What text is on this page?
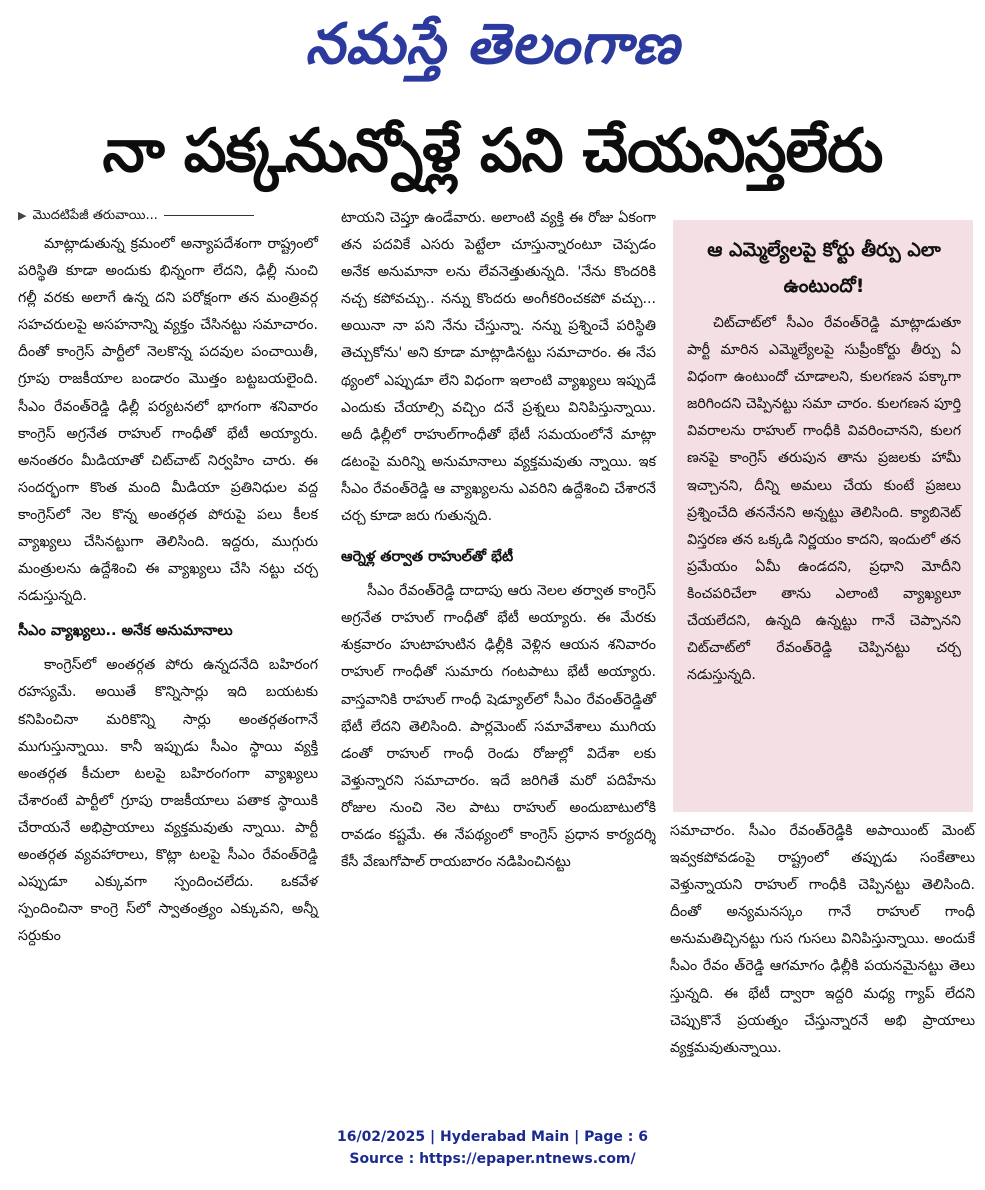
నమస్తే తెలంగాణ
నా పక్కనున్నోళ్లే పని చేయనిస్తలేరు
▶ మొదటిపేజీ తరువాయి...

మాట్లాడుతున్న క్రమంలో అన్యాపదేశంగా రాష్ట్రంలో పరిస్థితి కూడా అందుకు భిన్నంగా లేదని, ఢిల్లీ నుంచి గల్లీ వరకు అలాగే ఉన్న దని పరోక్షంగా తన మంత్రివర్గ సహచరులపై అసహనాన్ని వ్యక్తం చేసినట్టు సమాచారం. దీంతో కాంగ్రెస్ పార్టీలో నెలకొన్న పదవుల పంచాయితీ, గ్రూపు రాజకీయాల బండారం మొత్తం బట్టబయలైంది. సీఎం రేవంత్‌రెడ్డి ఢిల్లీ పర్యటనలో భాగంగా శనివారం కాంగ్రెస్ అగ్రనేత రాహుల్ గాంధీతో భేటీ అయ్యారు. అనంతరం మీడియాతో చిట్‌చాట్ నిర్వహిం చారు. ఈ సందర్భంగా కొంత మంది మీడియా ప్రతినిధుల వద్ద కాంగ్రెస్‌లో నెల కొన్న అంతర్గత పోరుపై పలు కీలక వ్యాఖ్యలు చేసినట్టుగా తెలిసింది. ఇద్దరు, ముగ్గురు మంత్రులను ఉద్దేశించి ఈ వ్యాఖ్యలు చేసి నట్టు చర్చ నడుస్తున్నది.

సీఎం వ్యాఖ్యలు.. అనేక అనుమానాలు

కాంగ్రెస్‌లో అంతర్గత పోరు ఉన్నదనేది బహిరంగ రహస్యమే. అయితే కొన్నిసార్లు ఇది బయటకు కనిపించినా మరికొన్ని సార్లు అంతర్గతంగానే ముగుస్తున్నాయి. కానీ ఇప్పుడు సీఎం స్థాయి వ్యక్తి అంతర్గత కీచులా టలపై బహిరంగంగా వ్యాఖ్యలు చేశారంటే పార్టీలో గ్రూపు రాజకీయాలు పతాక స్థాయికి చేరాయనే అభిప్రాయాలు వ్యక్తమవుతు న్నాయి. పార్టీ అంతర్గత వ్యవహారాలు, కొట్లా టలపై సీఎం రేవంత్‌రెడ్డి ఎప్పుడూ ఎక్కువగా స్పందించలేదు. ఒకవేళ స్పందించినా కాంగ్రె స్‌లో స్వాతంత్ర్యం ఎక్కువని, అన్నీ సర్దుకుం

టాయని చెప్తూ ఉండేవారు. అలాంటి వ్యక్తి ఈ రోజు ఏకంగా తన పదవికే ఎసరు పెట్టేలా చూస్తున్నారంటూ చెప్పడం అనేక అనుమానా లను లేవనెత్తుతున్నది. 'నేను కొందరికి నచ్చ కపోవచ్చు.. నన్ను కొందరు అంగీకరించకపో వచ్చు... అయినా నా పని నేను చేస్తున్నా. నన్ను ప్రశ్నించే పరిస్థితి తెచ్చుకోను' అని కూడా మాట్లాడినట్టు సమాచారం. ఈ నేప థ్యంలో ఎప్పుడూ లేని విధంగా ఇలాంటి వ్యాఖ్యలు ఇప్పుడే ఎందుకు చేయాల్సి వచ్చిం దనే ప్రశ్నలు వినిపిస్తున్నాయి. అదీ ఢిల్లీలో రాహుల్‌గాంధీతో భేటీ సమయంలోనే మాట్లా డటంపై మరిన్ని అనుమానాలు వ్యక్తమవుతు న్నాయి. ఇక సీఎం రేవంత్‌రెడ్డి ఆ వ్యాఖ్యలను ఎవరిని ఉద్దేశించి చేశారనే చర్చ కూడా జరు గుతున్నది.

ఆర్నెళ్ల తర్వాత రాహుల్‌తో భేటీ

సీఎం రేవంత్‌రెడ్డి దాదాపు ఆరు నెలల తర్వాత కాంగ్రెస్ అగ్రనేత రాహుల్ గాంధీతో భేటీ అయ్యారు. ఈ మేరకు శుక్రవారం హుటాహుటిన ఢిల్లీకి వెళ్లిన ఆయన శనివారం రాహుల్ గాంధీతో సుమారు గంటపాటు భేటీ అయ్యారు. వాస్తవానికి రాహుల్ గాంధీ షెడ్యూల్‌లో సీఎం రేవంత్‌రెడ్డితో భేటీ లేదని తెలిసింది. పార్లమెంట్ సమావేశాలు ముగియ డంతో రాహుల్ గాంధీ రెండు రోజుల్లో విదేశా లకు వెళ్తున్నారని సమాచారం. ఇదే జరిగితే మరో పదిహేను రోజుల నుంచి నెల పాటు రాహుల్ అందుబాటులోకి రావడం కష్టమే. ఈ నేపథ్యంలో కాంగ్రెస్ ప్రధాన కార్యదర్శి కేసీ వేణుగోపాల్ రాయబారం నడిపించినట్టు

ఆ ఎమ్మెల్యేలపై కోర్టు తీర్పు ఎలా ఉంటుందో!

చిట్‌చాట్‌లో సీఎం రేవంత్‌రెడ్డి మాట్లాడుతూ పార్టీ మారిన ఎమ్మెల్యేలపై సుప్రీంకోర్టు తీర్పు ఏ విధంగా ఉంటుందో చూడాలని, కులగణన పక్కాగా జరిగిందని చెప్పినట్టు సమా చారం. కులగణన పూర్తి వివరాలను రాహుల్ గాంధీకి వివరించానని, కులగ ణనపై కాంగ్రెస్ తరుపున తాను ప్రజలకు హామీ ఇచ్చానని, దీన్ని అమలు చేయ కుంటే ప్రజలు ప్రశ్నించేది తననేనని అన్నట్టు తెలిసింది. క్యాబినెట్ విస్తరణ తన ఒక్కడి నిర్ణయం కాదని, ఇందులో తన ప్రమేయం ఏమీ ఉండదని, ప్రధాని మోదీని కించపరిచేలా తాను ఎలాంటి వ్యాఖ్యలూ చేయలేదని, ఉన్నది ఉన్నట్టు గానే చెప్పానని చిట్‌చాట్‌లో రేవంత్‌రెడ్డి చెప్పినట్టు చర్చ నడుస్తున్నది.

సమాచారం. సీఎం రేవంత్‌రెడ్డికి అపాయింట్ మెంట్ ఇవ్వకపోవడంపై రాష్ట్రంలో తప్పుడు సంకేతాలు వెళ్తున్నాయని రాహుల్ గాంధీకి చెప్పినట్టు తెలిసింది. దీంతో అన్యమనస్కం గానే రాహుల్ గాంధీ అనుమతిచ్చినట్టు గుస గుసలు వినిపిస్తున్నాయి. అందుకే సీఎం రేవం త్‌రెడ్డి ఆగమాగం ఢిల్లీకి పయనమైనట్టు తెలు స్తున్నది. ఈ భేటీ ద్వారా ఇద్దరి మధ్య గ్యాప్ లేదని చెప్పుకొనే ప్రయత్నం చేస్తున్నారనే అభి ప్రాయాలు వ్యక్తమవుతున్నాయి.

16/02/2025 | Hyderabad Main | Page : 6
Source : https://epaper.ntnews.com/
